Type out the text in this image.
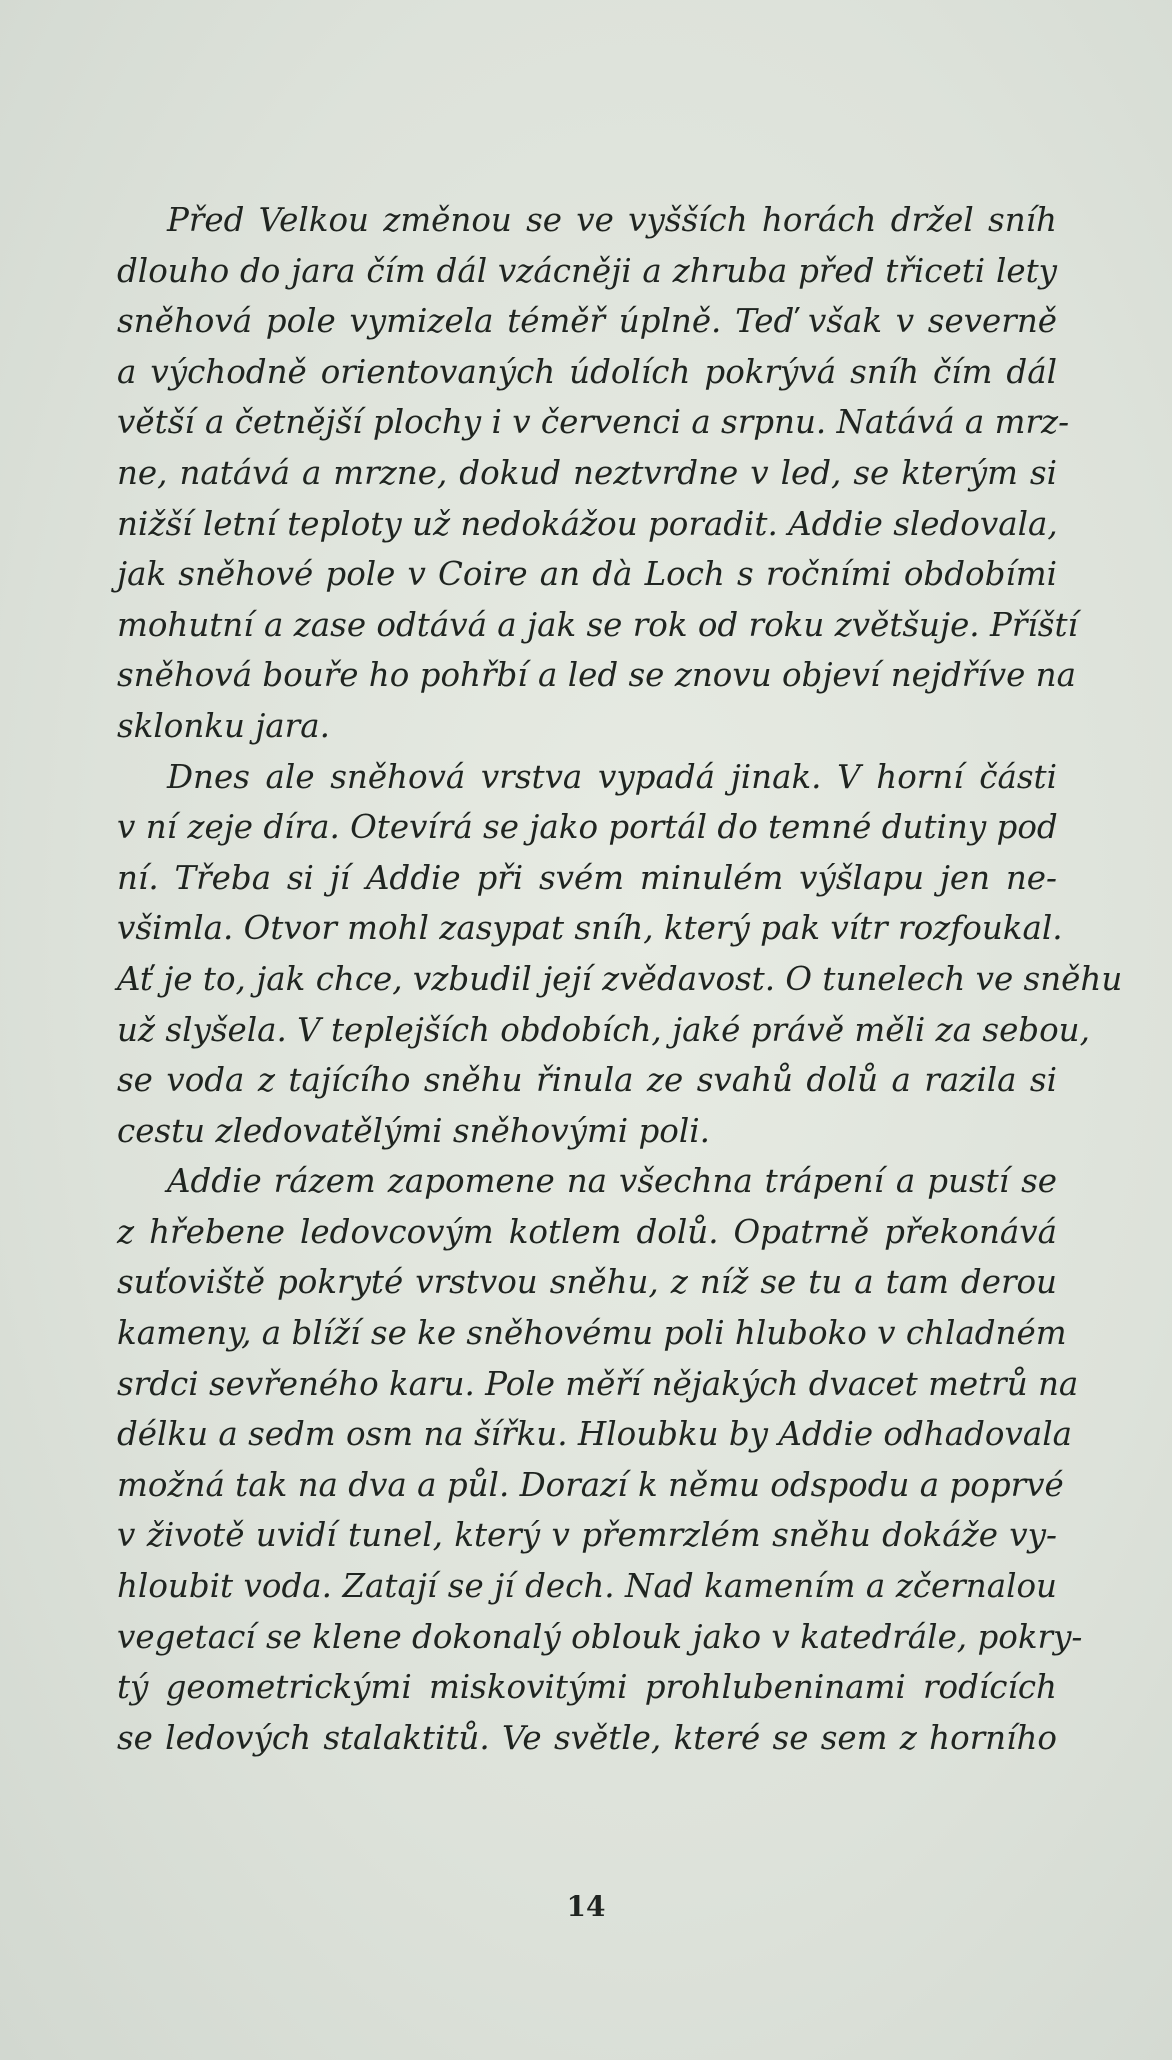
Před Velkou změnou se ve vyšších horách držel sníh
dlouho do jara čím dál vzácněji a zhruba před třiceti lety
sněhová pole vymizela téměř úplně. Teď však v severně
a východně orientovaných údolích pokrývá sníh čím dál
větší a četnější plochy i v červenci a srpnu. Natává a mrz-
ne, natává a mrzne, dokud neztvrdne v led, se kterým si
nižší letní teploty už nedokážou poradit. Addie sledovala,
jak sněhové pole v Coire an dà Loch s ročními obdobími
mohutní a zase odtává a jak se rok od roku zvětšuje. Příští
sněhová bouře ho pohřbí a led se znovu objeví nejdříve na
sklonku jara.
Dnes ale sněhová vrstva vypadá jinak. V horní části
v ní zeje díra. Otevírá se jako portál do temné dutiny pod
ní. Třeba si jí Addie při svém minulém výšlapu jen ne-
všimla. Otvor mohl zasypat sníh, který pak vítr rozfoukal.
Ať je to, jak chce, vzbudil její zvědavost. O tunelech ve sněhu
už slyšela. V teplejších obdobích, jaké právě měli za sebou,
se voda z tajícího sněhu řinula ze svahů dolů a razila si
cestu zledovatělými sněhovými poli.
Addie rázem zapomene na všechna trápení a pustí se
z hřebene ledovcovým kotlem dolů. Opatrně překonává
suťoviště pokryté vrstvou sněhu, z níž se tu a tam derou
kameny, a blíží se ke sněhovému poli hluboko v chladném
srdci sevřeného karu. Pole měří nějakých dvacet metrů na
délku a sedm osm na šířku. Hloubku by Addie odhadovala
možná tak na dva a půl. Dorazí k němu odspodu a poprvé
v životě uvidí tunel, který v přemrzlém sněhu dokáže vy-
hloubit voda. Zatají se jí dech. Nad kamením a zčernalou
vegetací se klene dokonalý oblouk jako v katedrále, pokry-
tý geometrickými miskovitými prohlubeninami rodících
se ledových stalaktitů. Ve světle, které se sem z horního
14
